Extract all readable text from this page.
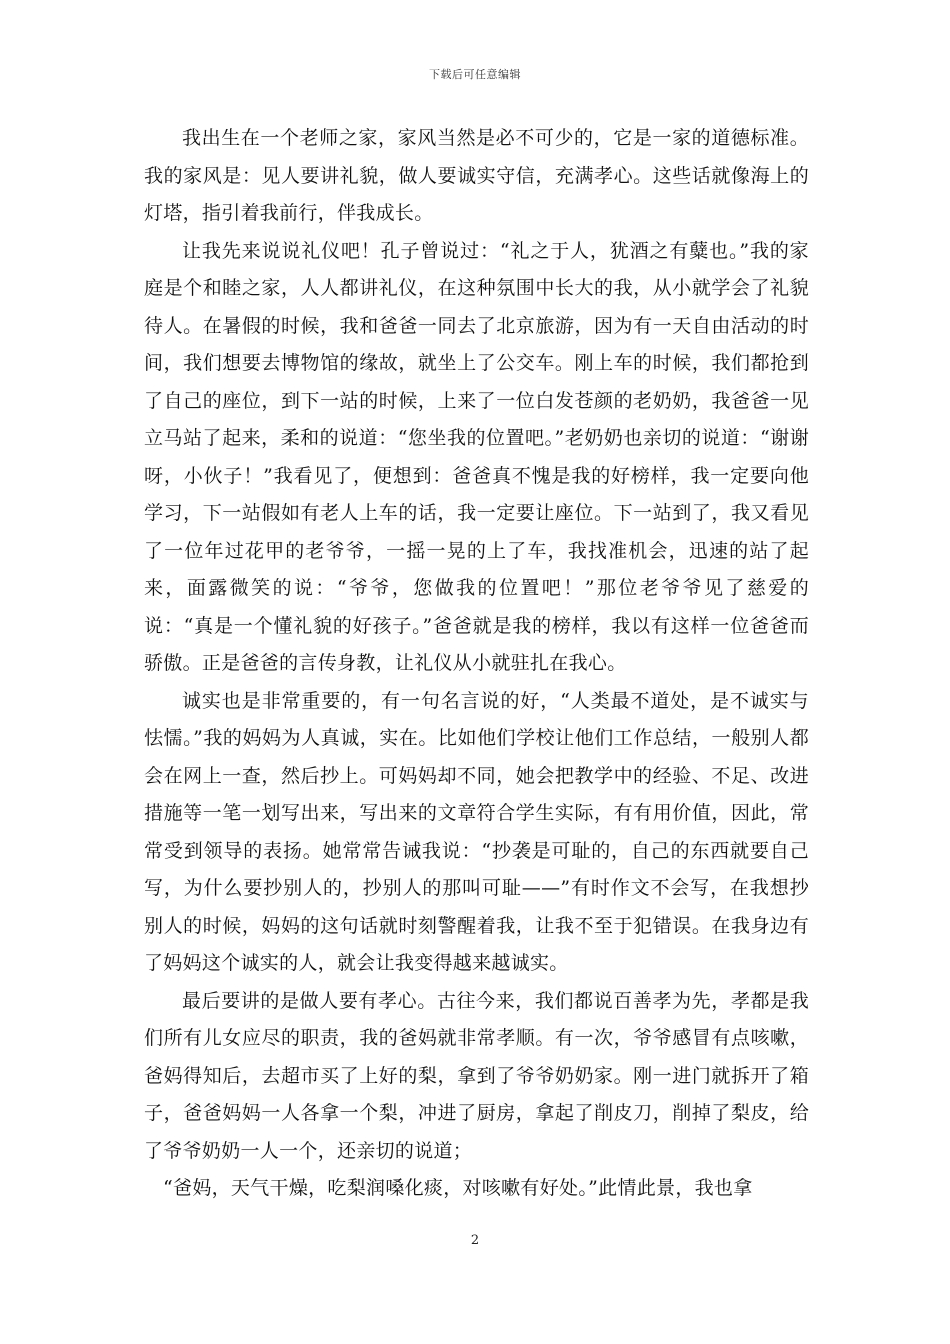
下载后可任意编辑

我出生在一个老师之家，家风当然是必不可少的，它是一家的道德标准。我的家风是：见人要讲礼貌，做人要诚实守信，充满孝心。这些话就像海上的灯塔，指引着我前行，伴我成长。

让我先来说说礼仪吧！孔子曾说过：“礼之于人，犹酒之有糵也。”我的家庭是个和睦之家，人人都讲礼仪，在这种氛围中长大的我，从小就学会了礼貌待人。在暑假的时候，我和爸爸一同去了北京旅游，因为有一天自由活动的时间，我们想要去博物馆的缘故，就坐上了公交车。刚上车的时候，我们都抢到了自己的座位，到下一站的时候，上来了一位白发苍颜的老奶奶，我爸爸一见立马站了起来，柔和的说道：“您坐我的位置吧。”老奶奶也亲切的说道：“谢谢呀，小伙子！”我看见了，便想到：爸爸真不愧是我的好榜样，我一定要向他学习，下一站假如有老人上车的话，我一定要让座位。下一站到了，我又看见了一位年过花甲的老爷爷，一摇一晃的上了车，我找准机会，迅速的站了起来，面露微笑的说：“爷爷，您做我的位置吧！”那位老爷爷见了慈爱的说：“真是一个懂礼貌的好孩子。”爸爸就是我的榜样，我以有这样一位爸爸而骄傲。正是爸爸的言传身教，让礼仪从小就驻扎在我心。

诚实也是非常重要的，有一句名言说的好，“人类最不道处，是不诚实与怯懦。”我的妈妈为人真诚，实在。比如他们学校让他们工作总结，一般别人都会在网上一查，然后抄上。可妈妈却不同，她会把教学中的经验、不足、改进措施等一笔一划写出来，写出来的文章符合学生实际，有有用价值，因此，常常受到领导的表扬。她常常告诫我说：“抄袭是可耻的，自己的东西就要自己写，为什么要抄别人的，抄别人的那叫可耻——”有时作文不会写，在我想抄别人的时候，妈妈的这句话就时刻警醒着我，让我不至于犯错误。在我身边有了妈妈这个诚实的人，就会让我变得越来越诚实。

最后要讲的是做人要有孝心。古往今来，我们都说百善孝为先，孝都是我们所有儿女应尽的职责，我的爸妈就非常孝顺。有一次，爷爷感冒有点咳嗽，爸妈得知后，去超市买了上好的梨，拿到了爷爷奶奶家。刚一进门就拆开了箱子，爸爸妈妈一人各拿一个梨，冲进了厨房，拿起了削皮刀，削掉了梨皮，给了爷爷奶奶一人一个，还亲切的说道；

“爸妈，天气干燥，吃梨润嗓化痰，对咳嗽有好处。”此情此景，我也拿

2
